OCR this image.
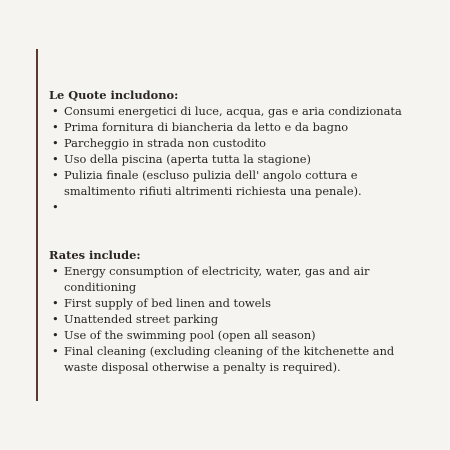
Le Quote includono:

• Consumi energetici di luce, acqua, gas e aria condizionata
• Prima fornitura di biancheria da letto e da bagno
• Parcheggio in strada non custodito
• Uso della piscina (aperta tutta la stagione)
• Pulizia finale (escluso pulizia dell' angolo cottura e smaltimento rifiuti altrimenti richiesta una penale).
•

Rates include:

• Energy consumption of electricity, water, gas and air conditioning
• First supply of bed linen and towels
• Unattended street parking
• Use of the swimming pool (open all season)
• Final cleaning (excluding cleaning of the kitchenette and waste disposal otherwise a penalty is required).
